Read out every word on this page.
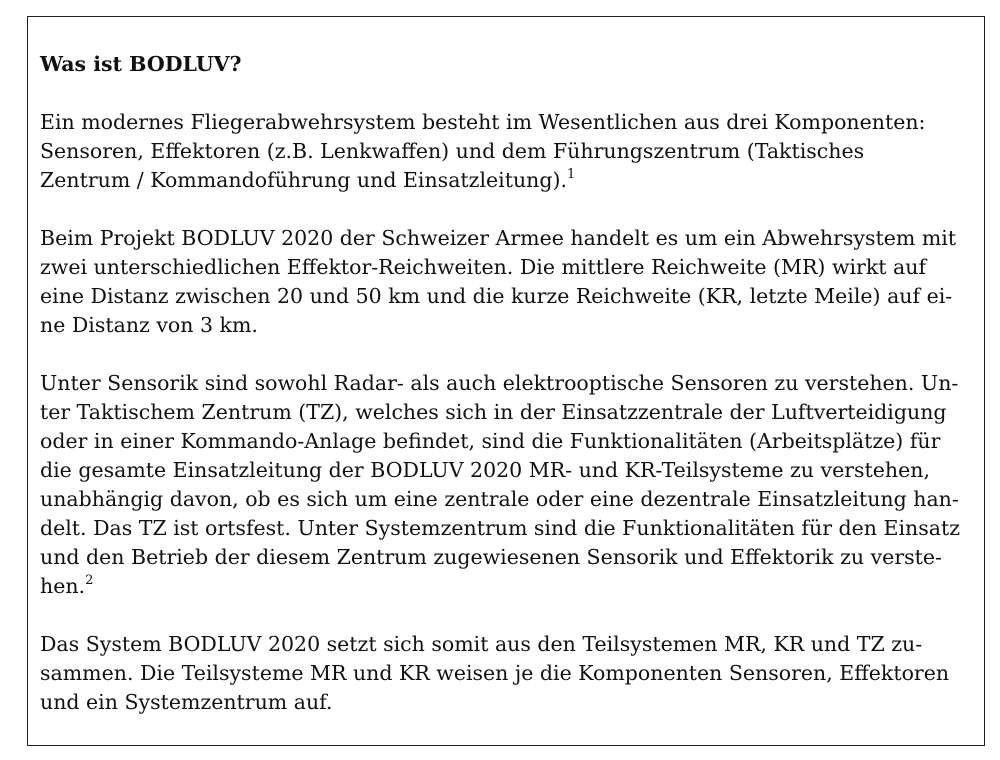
Was ist BODLUV?

Ein modernes Fliegerabwehrsystem besteht im Wesentlichen aus drei Komponenten:
Sensoren, Effektoren (z.B. Lenkwaffen) und dem Führungszentrum (Taktisches
Zentrum / Kommandoführung und Einsatzleitung).$^1$

Beim Projekt BODLUV 2020 der Schweizer Armee handelt es um ein Abwehrsystem mit
zwei unterschiedlichen Effektor-Reichweiten. Die mittlere Reichweite (MR) wirkt auf
eine Distanz zwischen 20 und 50 km und die kurze Reichweite (KR, letzte Meile) auf ei-
ne Distanz von 3 km.

Unter Sensorik sind sowohl Radar- als auch elektrooptische Sensoren zu verstehen. Un-
ter Taktischem Zentrum (TZ), welches sich in der Einsatzzentrale der Luftverteidigung
oder in einer Kommando-Anlage befindet, sind die Funktionalitäten (Arbeitsplätze) für
die gesamte Einsatzleitung der BODLUV 2020 MR- und KR-Teilsysteme zu verstehen,
unabhängig davon, ob es sich um eine zentrale oder eine dezentrale Einsatzleitung han-
delt. Das TZ ist ortsfest. Unter Systemzentrum sind die Funktionalitäten für den Einsatz
und den Betrieb der diesem Zentrum zugewiesenen Sensorik und Effektorik zu verste-
hen.$^2$

Das System BODLUV 2020 setzt sich somit aus den Teilsystemen MR, KR und TZ zu-
sammen. Die Teilsysteme MR und KR weisen je die Komponenten Sensoren, Effektoren
und ein Systemzentrum auf.
